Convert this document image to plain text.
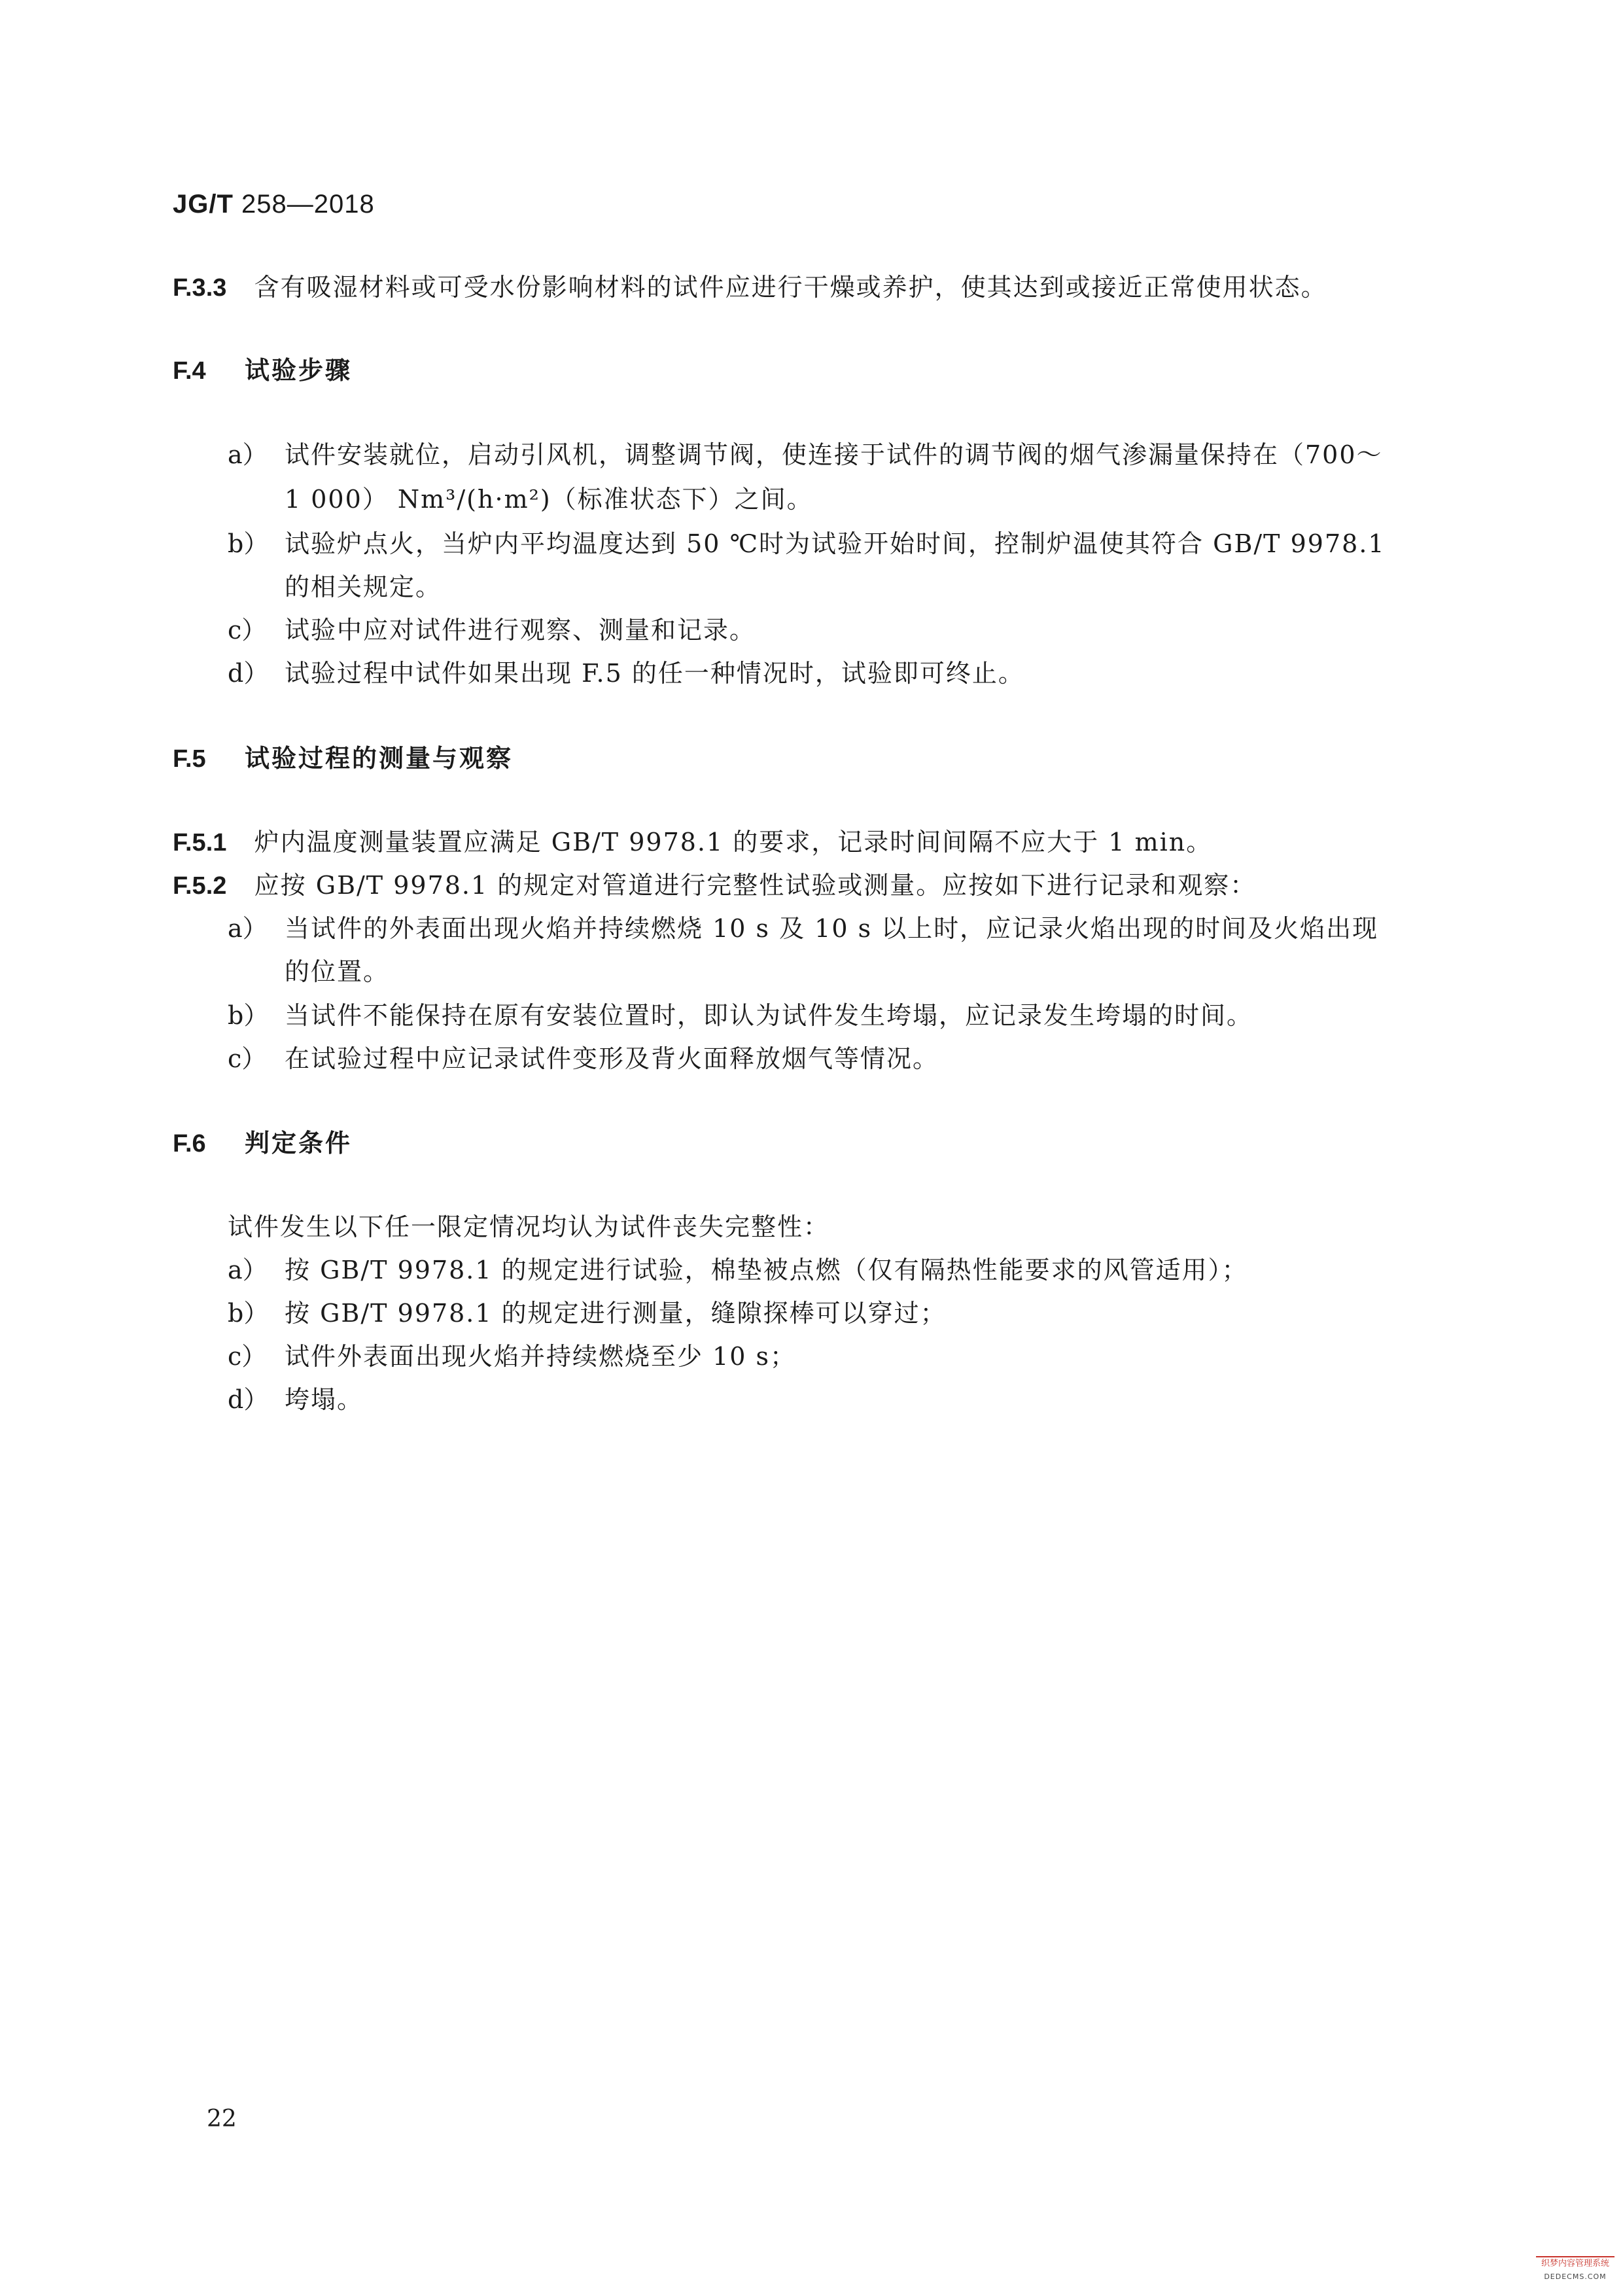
JG/T 258—2018
F.3.3 含有吸湿材料或可受水份影响材料的试件应进行干燥或养护，使其达到或接近正常使用状态。
F.4 试验步骤
a） 试件安装就位，启动引风机，调整调节阀，使连接于试件的调节阀的烟气渗漏量保持在（700～
1 000） Nm³/(h·m²)（标准状态下）之间。
b） 试验炉点火，当炉内平均温度达到 50 ℃时为试验开始时间，控制炉温使其符合 GB/T 9978.1
的相关规定。
c） 试验中应对试件进行观察、测量和记录。
d） 试验过程中试件如果出现 F.5 的任一种情况时，试验即可终止。
F.5 试验过程的测量与观察
F.5.1 炉内温度测量装置应满足 GB/T 9978.1 的要求，记录时间间隔不应大于 1 min。
F.5.2 应按 GB/T 9978.1 的规定对管道进行完整性试验或测量。应按如下进行记录和观察：
a） 当试件的外表面出现火焰并持续燃烧 10 s 及 10 s 以上时，应记录火焰出现的时间及火焰出现
的位置。
b） 当试件不能保持在原有安装位置时，即认为试件发生垮塌，应记录发生垮塌的时间。
c） 在试验过程中应记录试件变形及背火面释放烟气等情况。
F.6 判定条件
试件发生以下任一限定情况均认为试件丧失完整性：
a） 按 GB/T 9978.1 的规定进行试验，棉垫被点燃（仅有隔热性能要求的风管适用）；
b） 按 GB/T 9978.1 的规定进行测量，缝隙探棒可以穿过；
c） 试件外表面出现火焰并持续燃烧至少 10 s；
d） 垮塌。
22
织梦内容管理系统
DEDECMS.COM
